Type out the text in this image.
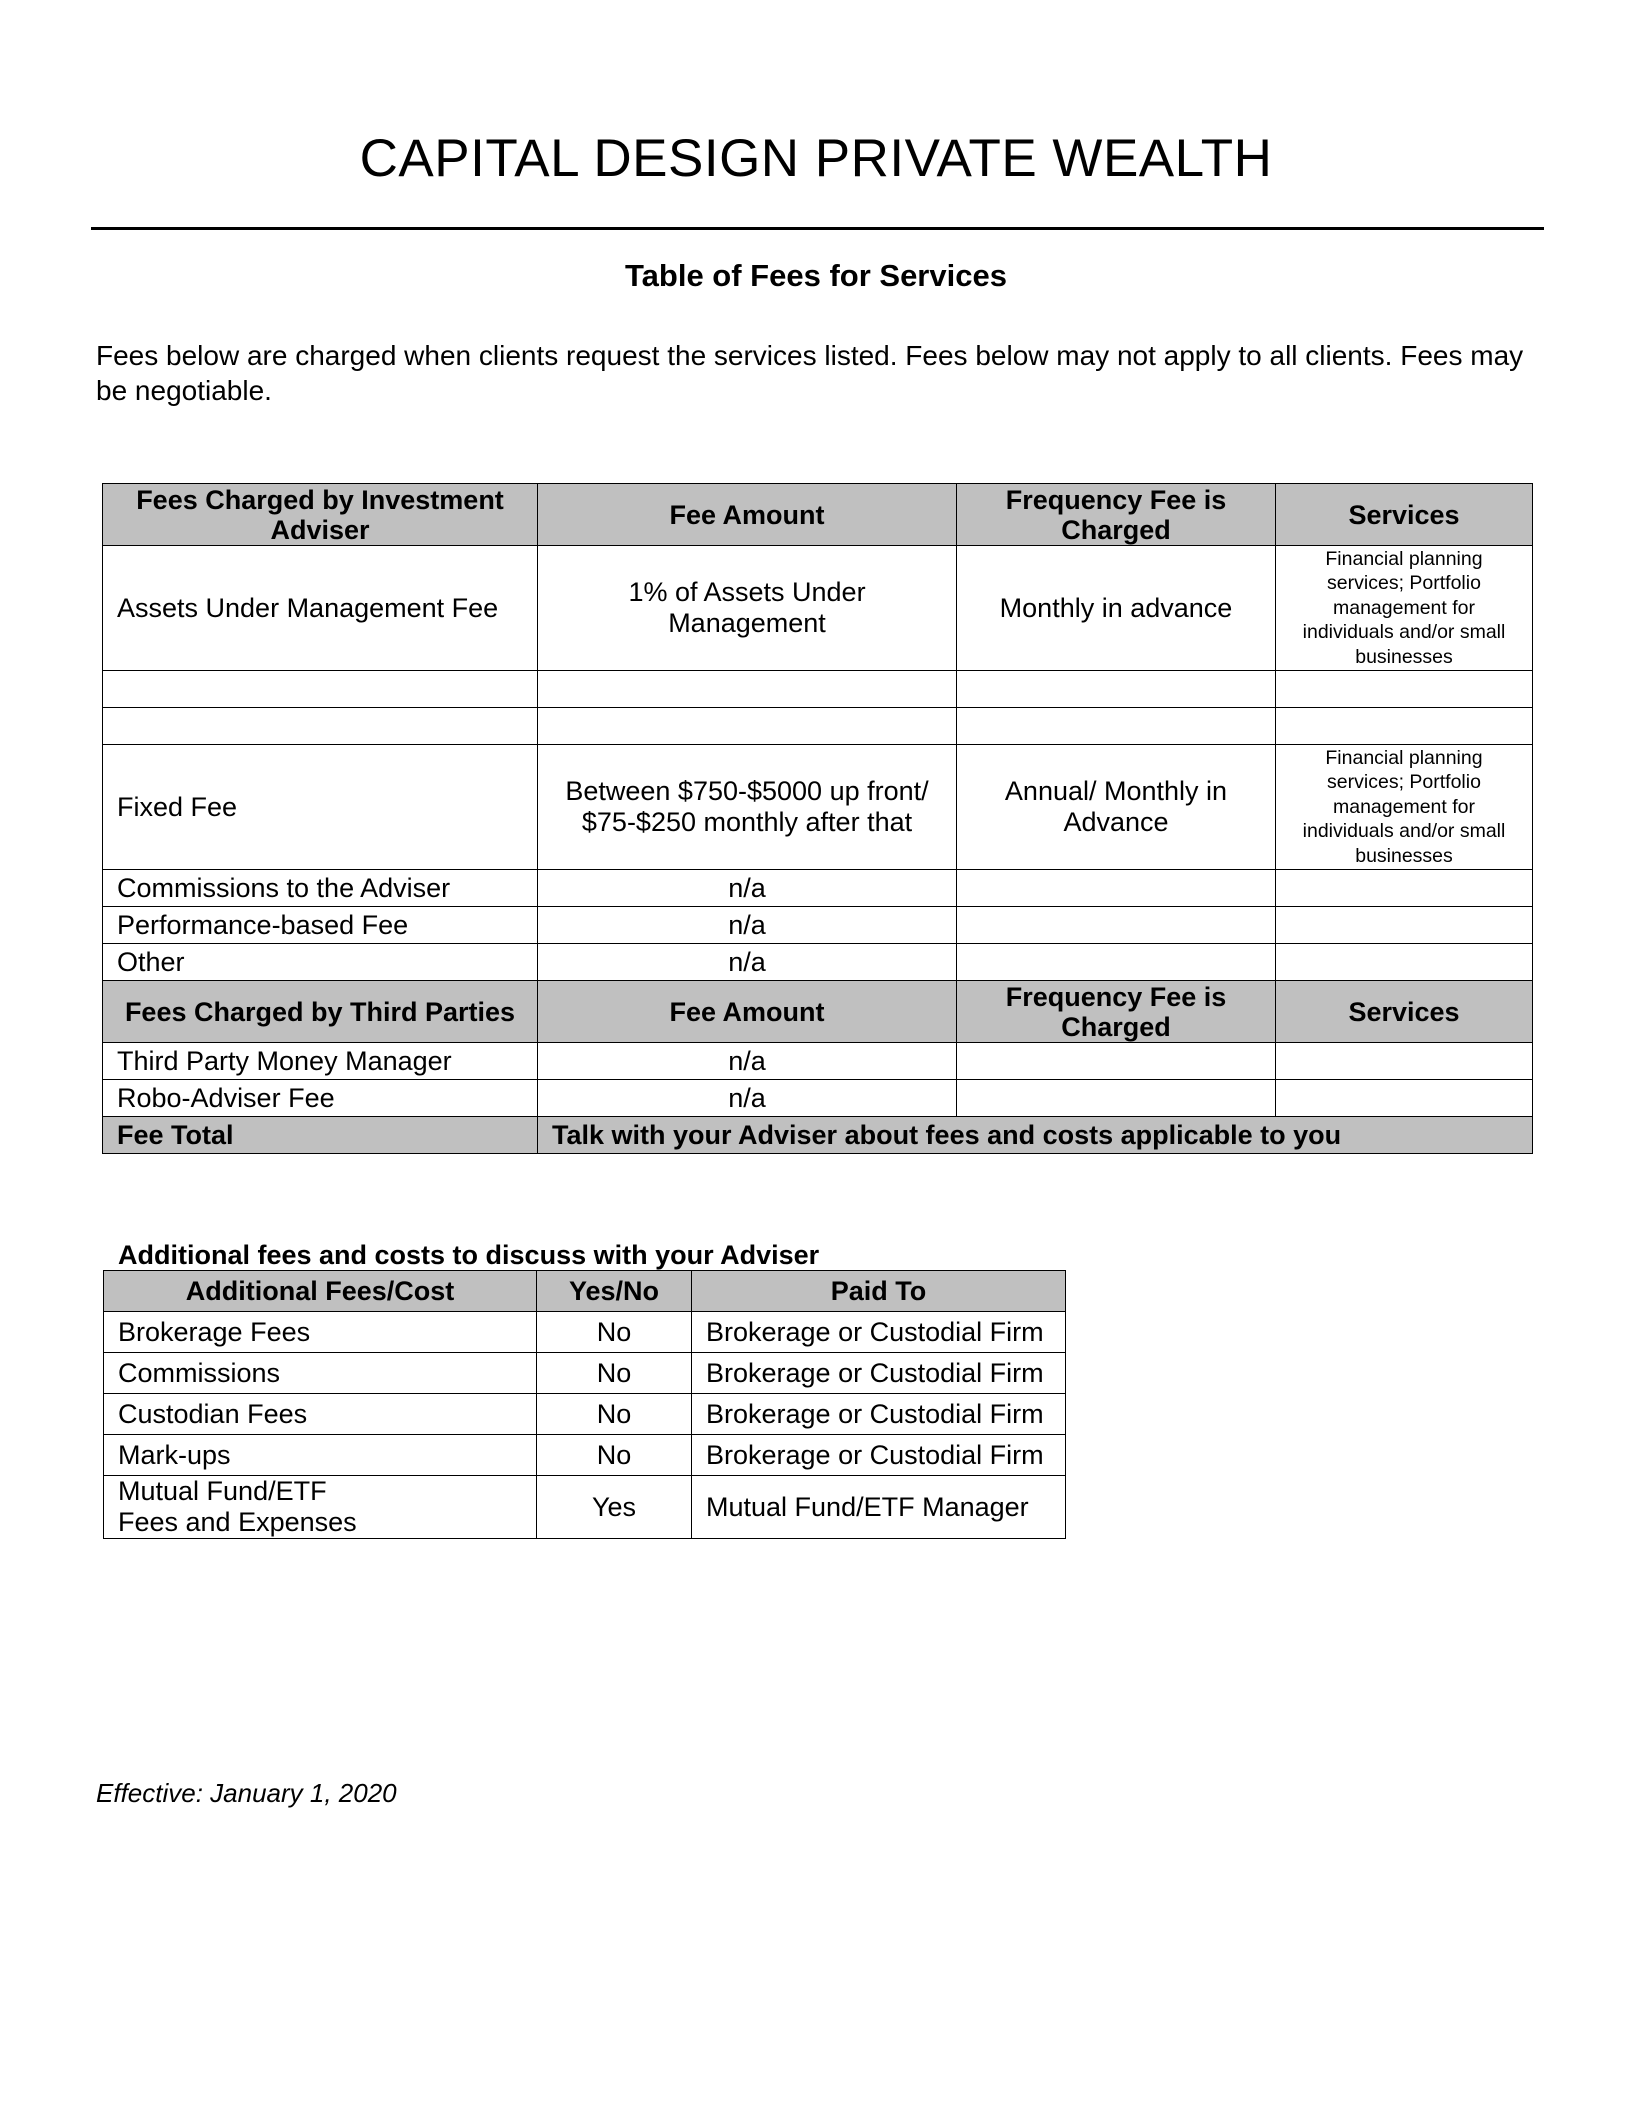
CAPITAL DESIGN PRIVATE WEALTH
Table of Fees for Services
Fees below are charged when clients request the services listed. Fees below may not apply to all clients. Fees may be negotiable.
Fees Charged by Investment Adviser	Fee Amount	Frequency Fee is Charged	Services
Assets Under Management Fee	1% of Assets Under Management	Monthly in advance	Financial planning services; Portfolio management for individuals and/or small businesses

Fixed Fee	Between $750-$5000 up front/ $75-$250 monthly after that	Annual/ Monthly in Advance	Financial planning services; Portfolio management for individuals and/or small businesses
Commissions to the Adviser	n/a		
Performance-based Fee	n/a		
Other	n/a		
Fees Charged by Third Parties	Fee Amount	Frequency Fee is Charged	Services
Third Party Money Manager	n/a		
Robo-Adviser Fee	n/a		
Fee Total	Talk with your Adviser about fees and costs applicable to you		
Additional fees and costs to discuss with your Adviser
Additional Fees/Cost	Yes/No	Paid To
Brokerage Fees	No	Brokerage or Custodial Firm
Commissions	No	Brokerage or Custodial Firm
Custodian Fees	No	Brokerage or Custodial Firm
Mark-ups	No	Brokerage or Custodial Firm

Mutual Fund/ETF
Fees and Expenses	Yes	Mutual Fund/ETF Manager
Effective: January 1, 2020
